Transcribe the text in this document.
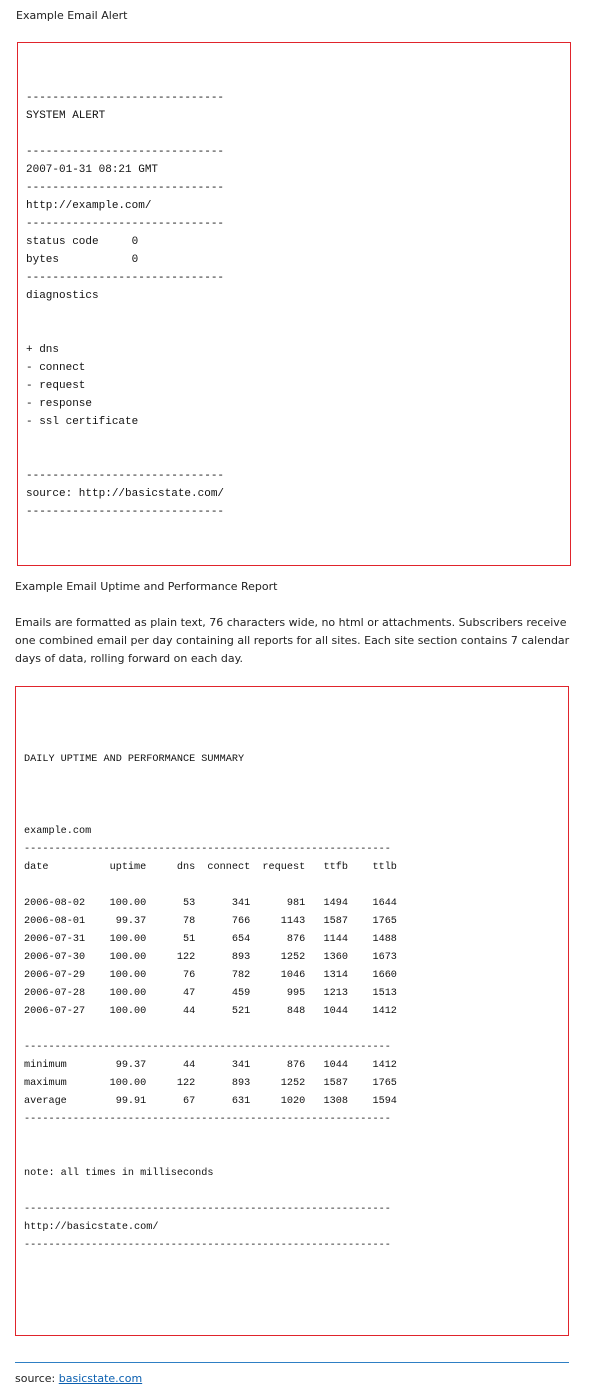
Example Email Alert
------------------------------
SYSTEM ALERT

------------------------------
2007-01-31 08:21 GMT
------------------------------
http://example.com/
------------------------------
status code     0
bytes           0
------------------------------
diagnostics

+ dns
- connect
- request
- response
- ssl certificate

------------------------------
source: http://basicstate.com/
------------------------------
Example Email Uptime and Performance Report
Emails are formatted as plain text, 76 characters wide, no html or attachments. Subscribers receive one combined email per day containing all reports for all sites. Each site section contains 7 calendar days of data, rolling forward on each day.
DAILY UPTIME AND PERFORMANCE SUMMARY

example.com
------------------------------------------------------------
date          uptime     dns  connect  request   ttfb    ttlb

2006-08-02    100.00      53      341      981   1494    1644
2006-08-01     99.37      78      766     1143   1587    1765
2006-07-31    100.00      51      654      876   1144    1488
2006-07-30    100.00     122      893     1252   1360    1673
2006-07-29    100.00      76      782     1046   1314    1660
2006-07-28    100.00      47      459      995   1213    1513
2006-07-27    100.00      44      521      848   1044    1412

------------------------------------------------------------
minimum        99.37      44      341      876   1044    1412
maximum       100.00     122      893     1252   1587    1765
average        99.91      67      631     1020   1308    1594
------------------------------------------------------------

note: all times in milliseconds

------------------------------------------------------------
http://basicstate.com/
------------------------------------------------------------
source: basicstate.com
